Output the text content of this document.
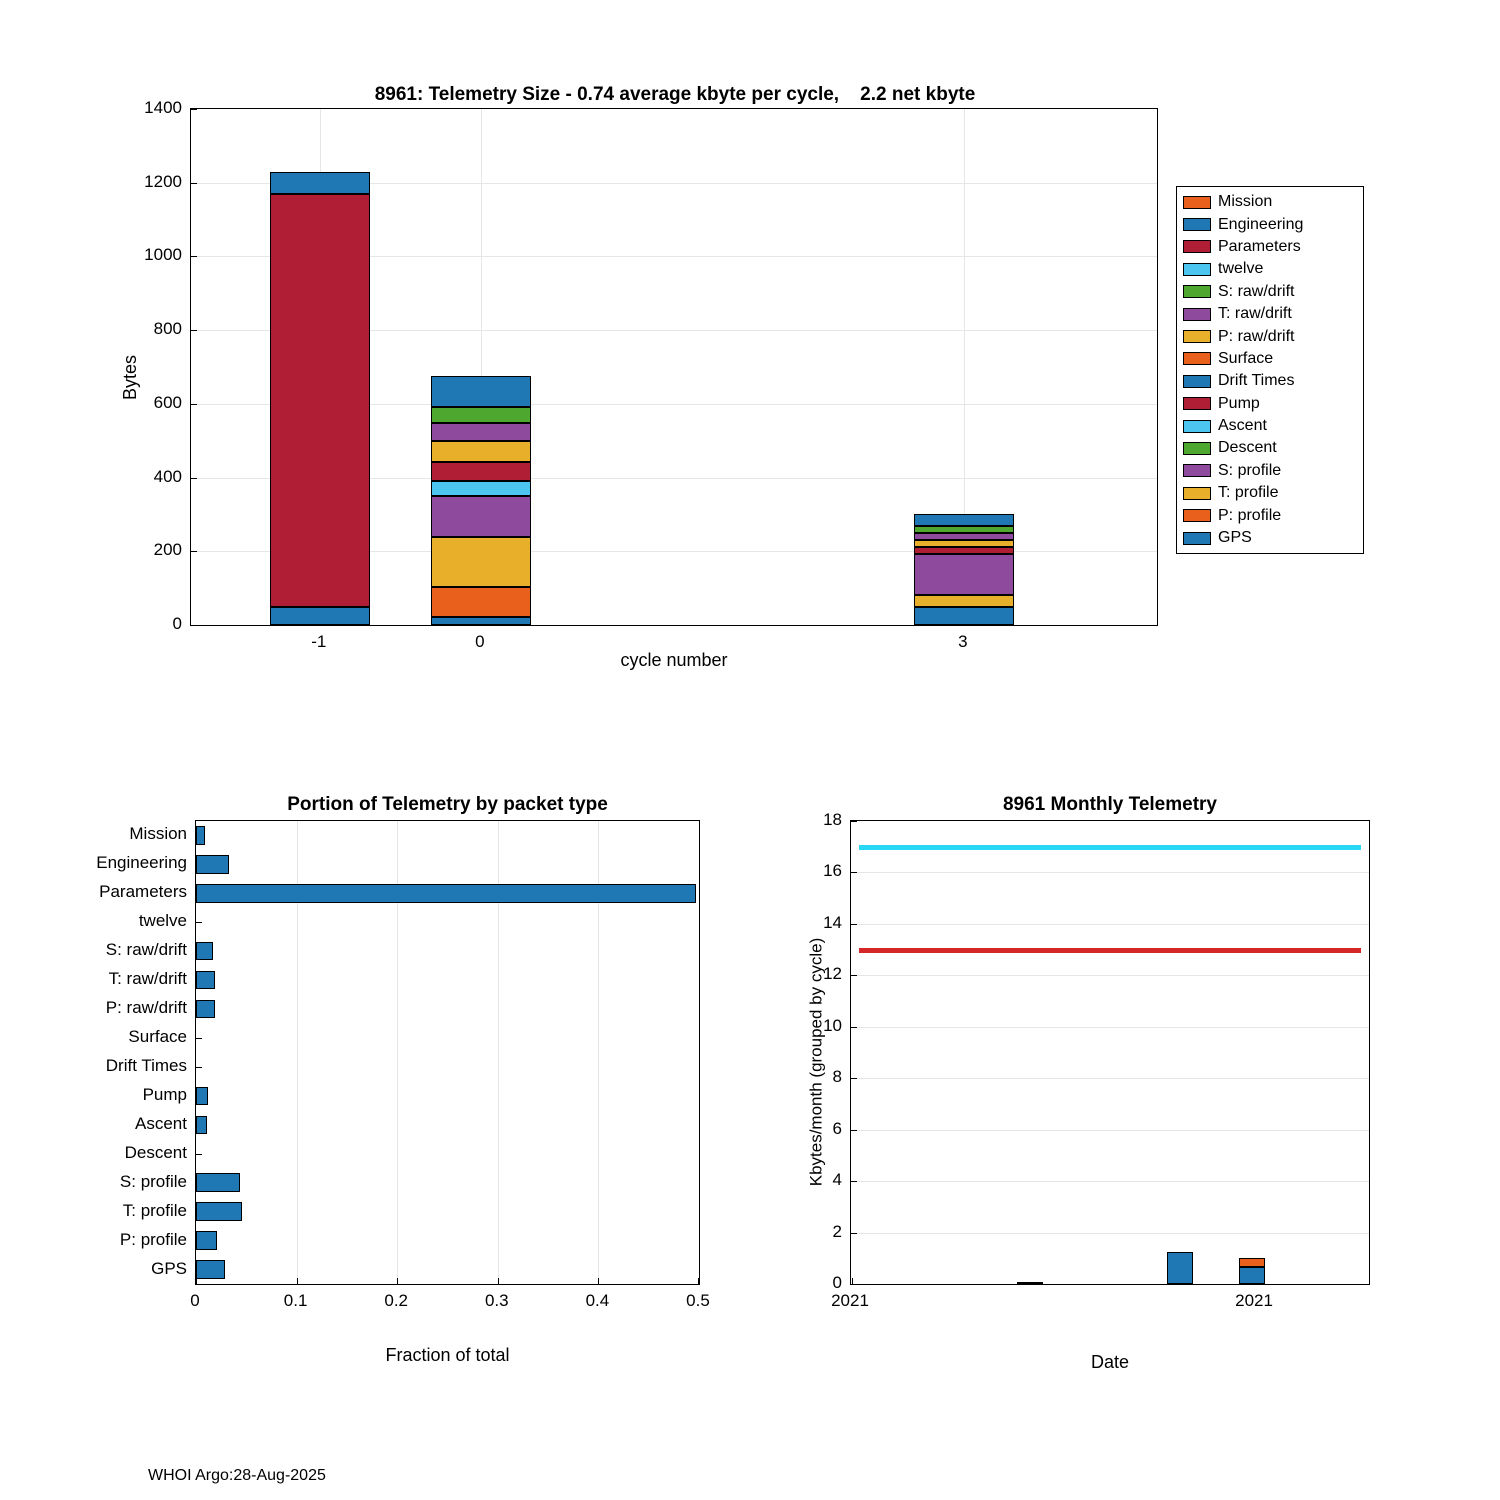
8961: Telemetry Size - 0.74 average kbyte per cycle,    2.2 net kbyte
Bytes
cycle number
Mission
Engineering
Parameters
twelve
S: raw/drift
T: raw/drift
P: raw/drift
Surface
Drift Times
Pump
Ascent
Descent
S: profile
T: profile
P: profile
GPS
0
200
400
600
800
1000
1200
1400
-1	0	3
Portion of Telemetry by packet type
Fraction of total
0	0.1	0.2	0.3	0.4	0.5
Mission
Engineering
Parameters
twelve
S: raw/drift
T: raw/drift
P: raw/drift
Surface
Drift Times
Pump
Ascent
Descent
S: profile
T: profile
P: profile
GPS
8961 Monthly Telemetry
Kbytes/month (grouped by cycle)
Date
0
2
4
6
8
10
12
14
16
18
2021	2021
WHOI Argo:28-Aug-2025
